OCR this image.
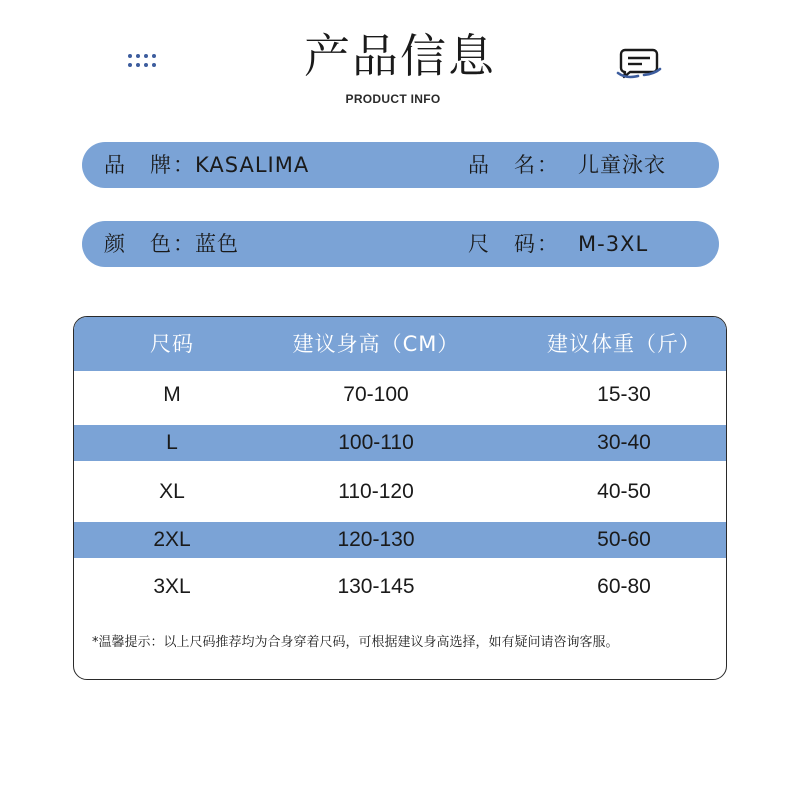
产品信息
PRODUCT INFO
品　牌： KASALIMA	品　名： 儿童泳衣
颜　色： 蓝色	尺　码： M-3XL
尺码	建议身高（CM）	建议体重（斤）
M	70-100	15-30
L	100-110	30-40
XL	110-120	40-50
2XL	120-130	50-60
3XL	130-145	60-80
*温馨提示：以上尺码推荐均为合身穿着尺码，可根据建议身高选择，如有疑问请咨询客服。
